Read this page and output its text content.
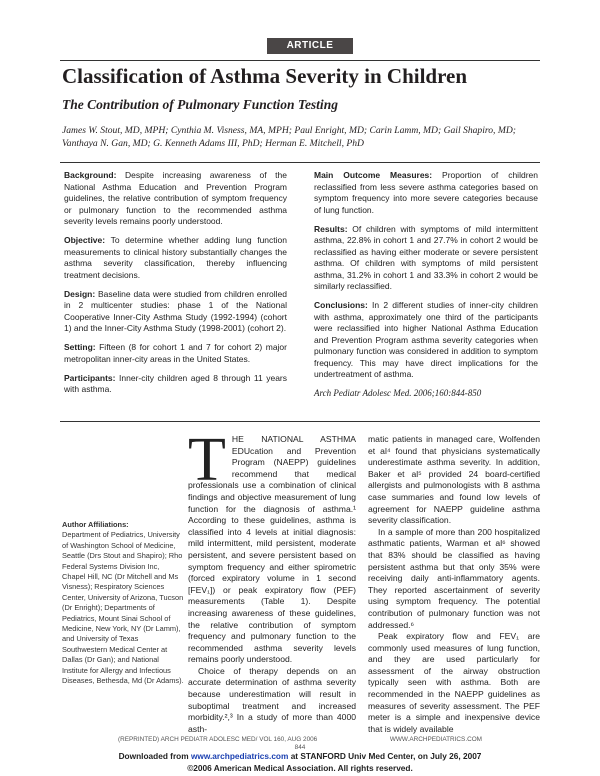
ARTICLE
Classification of Asthma Severity in Children
The Contribution of Pulmonary Function Testing
James W. Stout, MD, MPH; Cynthia M. Visness, MA, MPH; Paul Enright, MD; Carin Lamm, MD; Gail Shapiro, MD; Vanthaya N. Gan, MD; G. Kenneth Adams III, PhD; Herman E. Mitchell, PhD

Background: Despite increasing awareness of the National Asthma Education and Prevention Program guidelines, the relative contribution of symptom frequency or pulmonary function to the recommended asthma severity levels remains poorly understood.

Objective: To determine whether adding lung function measurements to clinical history substantially changes the asthma severity classification, thereby influencing treatment decisions.

Design: Baseline data were studied from children enrolled in 2 multicenter studies: phase 1 of the National Cooperative Inner-City Asthma Study (1992-1994) (cohort 1) and the Inner-City Asthma Study (1998-2001) (cohort 2).

Setting: Fifteen (8 for cohort 1 and 7 for cohort 2) major metropolitan inner-city areas in the United States.

Participants: Inner-city children aged 8 through 11 years with asthma.

Main Outcome Measures: Proportion of children reclassified from less severe asthma categories based on symptom frequency into more severe categories because of lung function.

Results: Of children with symptoms of mild intermittent asthma, 22.8% in cohort 1 and 27.7% in cohort 2 would be reclassified as having either moderate or severe persistent asthma. Of children with symptoms of mild persistent asthma, 31.2% in cohort 1 and 33.3% in cohort 2 would be similarly reclassified.

Conclusions: In 2 different studies of inner-city children with asthma, approximately one third of the participants were reclassified into higher National Asthma Education and Prevention Program asthma severity categories when pulmonary function was considered in addition to symptom frequency. This may have direct implications for the undertreatment of asthma.

Arch Pediatr Adolesc Med. 2006;160:844-850
Author Affiliations:
Department of Pediatrics, University of Washington School of Medicine, Seattle (Drs Stout and Shapiro); Rho Federal Systems Division Inc, Chapel Hill, NC (Dr Mitchell and Ms Visness); Respiratory Sciences Center, University of Arizona, Tucson (Dr Enright); Departments of Pediatrics, Mount Sinai School of Medicine, New York, NY (Dr Lamm), and University of Texas Southwestern Medical Center at Dallas (Dr Gan); and National Institute for Allergy and Infectious Diseases, Bethesda, Md (Dr Adams).

THE NATIONAL ASTHMA EDUcation and Prevention Program (NAEPP) guidelines recommend that medical professionals use a combination of clinical findings and objective measurement of lung function for the diagnosis of asthma.¹ According to these guidelines, asthma is classified into 4 levels at initial diagnosis: mild intermittent, mild persistent, moderate persistent, and severe persistent based on symptom frequency and either spirometric (forced expiratory volume in 1 second [FEV₁]) or peak expiratory flow (PEF) measurements (Table 1). Despite increasing awareness of these guidelines, the relative contribution of symptom frequency and pulmonary function to the recommended asthma severity levels remains poorly understood.

Choice of therapy depends on an accurate determination of asthma severity because underestimation will result in suboptimal treatment and increased morbidity.²,³ In a study of more than 4000 asth-

matic patients in managed care, Wolfenden et al⁴ found that physicians systematically underestimate asthma severity. In addition, Baker et al⁵ provided 24 board-certified allergists and pulmonologists with 8 asthma case summaries and found low levels of agreement for NAEPP guideline asthma severity classification.

In a sample of more than 200 hospitalized asthmatic patients, Warman et al⁶ showed that 83% should be classified as having persistent asthma but that only 35% were receiving daily anti-inflammatory agents. They reported ascertainment of severity using symptom frequency. The potential contribution of pulmonary function was not addressed.⁶

Peak expiratory flow and FEV₁ are commonly used measures of lung function, and they are used particularly for assessment of the airway obstruction typically seen with asthma. Both are recommended in the NAEPP guidelines as measures of severity assessment. The PEF meter is a simple and inexpensive device that is widely available

(REPRINTED) ARCH PEDIATR ADOLESC MED/ VOL 160, AUG 2006	WWW.ARCHPEDIATRICS.COM
844
Downloaded from www.archpediatrics.com at STANFORD Univ Med Center, on July 26, 2007
©2006 American Medical Association. All rights reserved.
